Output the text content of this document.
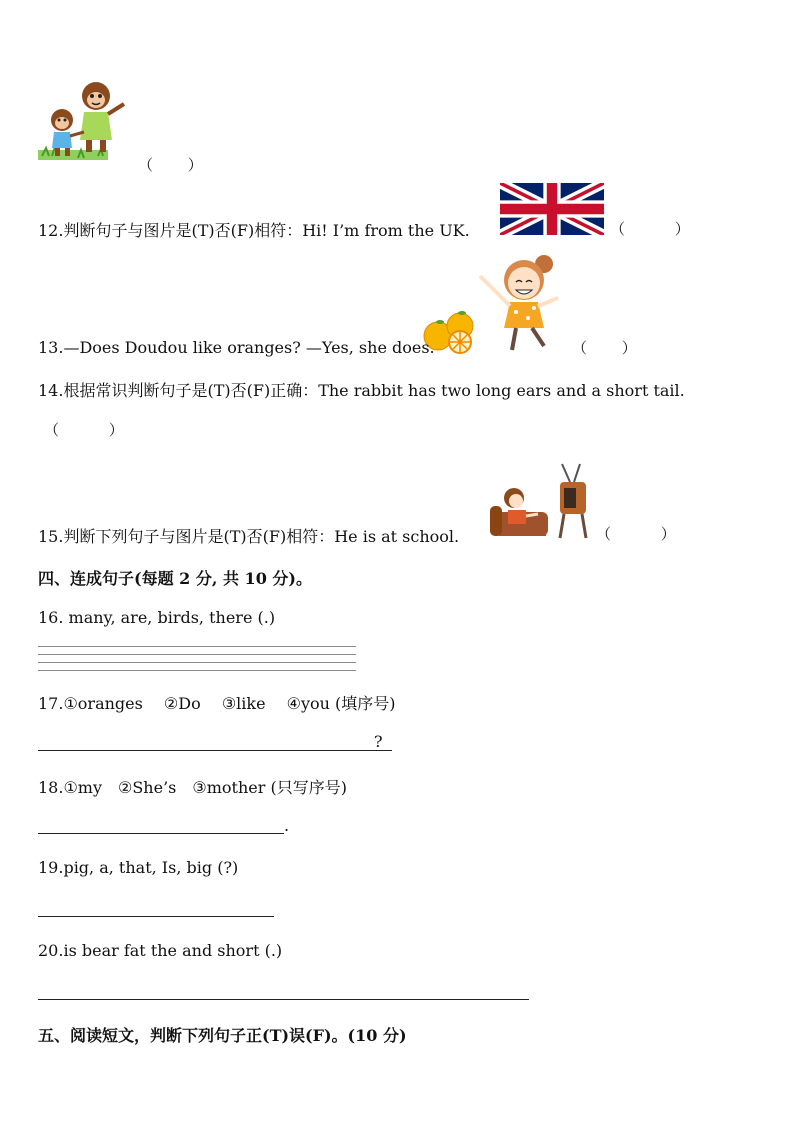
（ 　　）
12.判断句子与图片是(T)否(F)相符：Hi! I’m from the UK.	（ 　　　）
13.—Does Doudou like oranges? —Yes, she does.	（ 　　）
14.根据常识判断句子是(T)否(F)正确：The rabbit has two long ears and a short tail.
（ 　　　）
15.判断下列句子与图片是(T)否(F)相符：He is at school.	（ 　　　）
四、连成句子(每题 2 分, 共 10 分)。
16. many, are, birds, there (.)
17.①oranges　 ②Do　 ③like　 ④you (填序号)
?
18.①my　②She’s　③mother (只写序号)
.
19.pig, a, that, Is, big (?)
20.is bear fat the and short (.)
五、阅读短文，判断下列句子正(T)误(F)。(10 分)
